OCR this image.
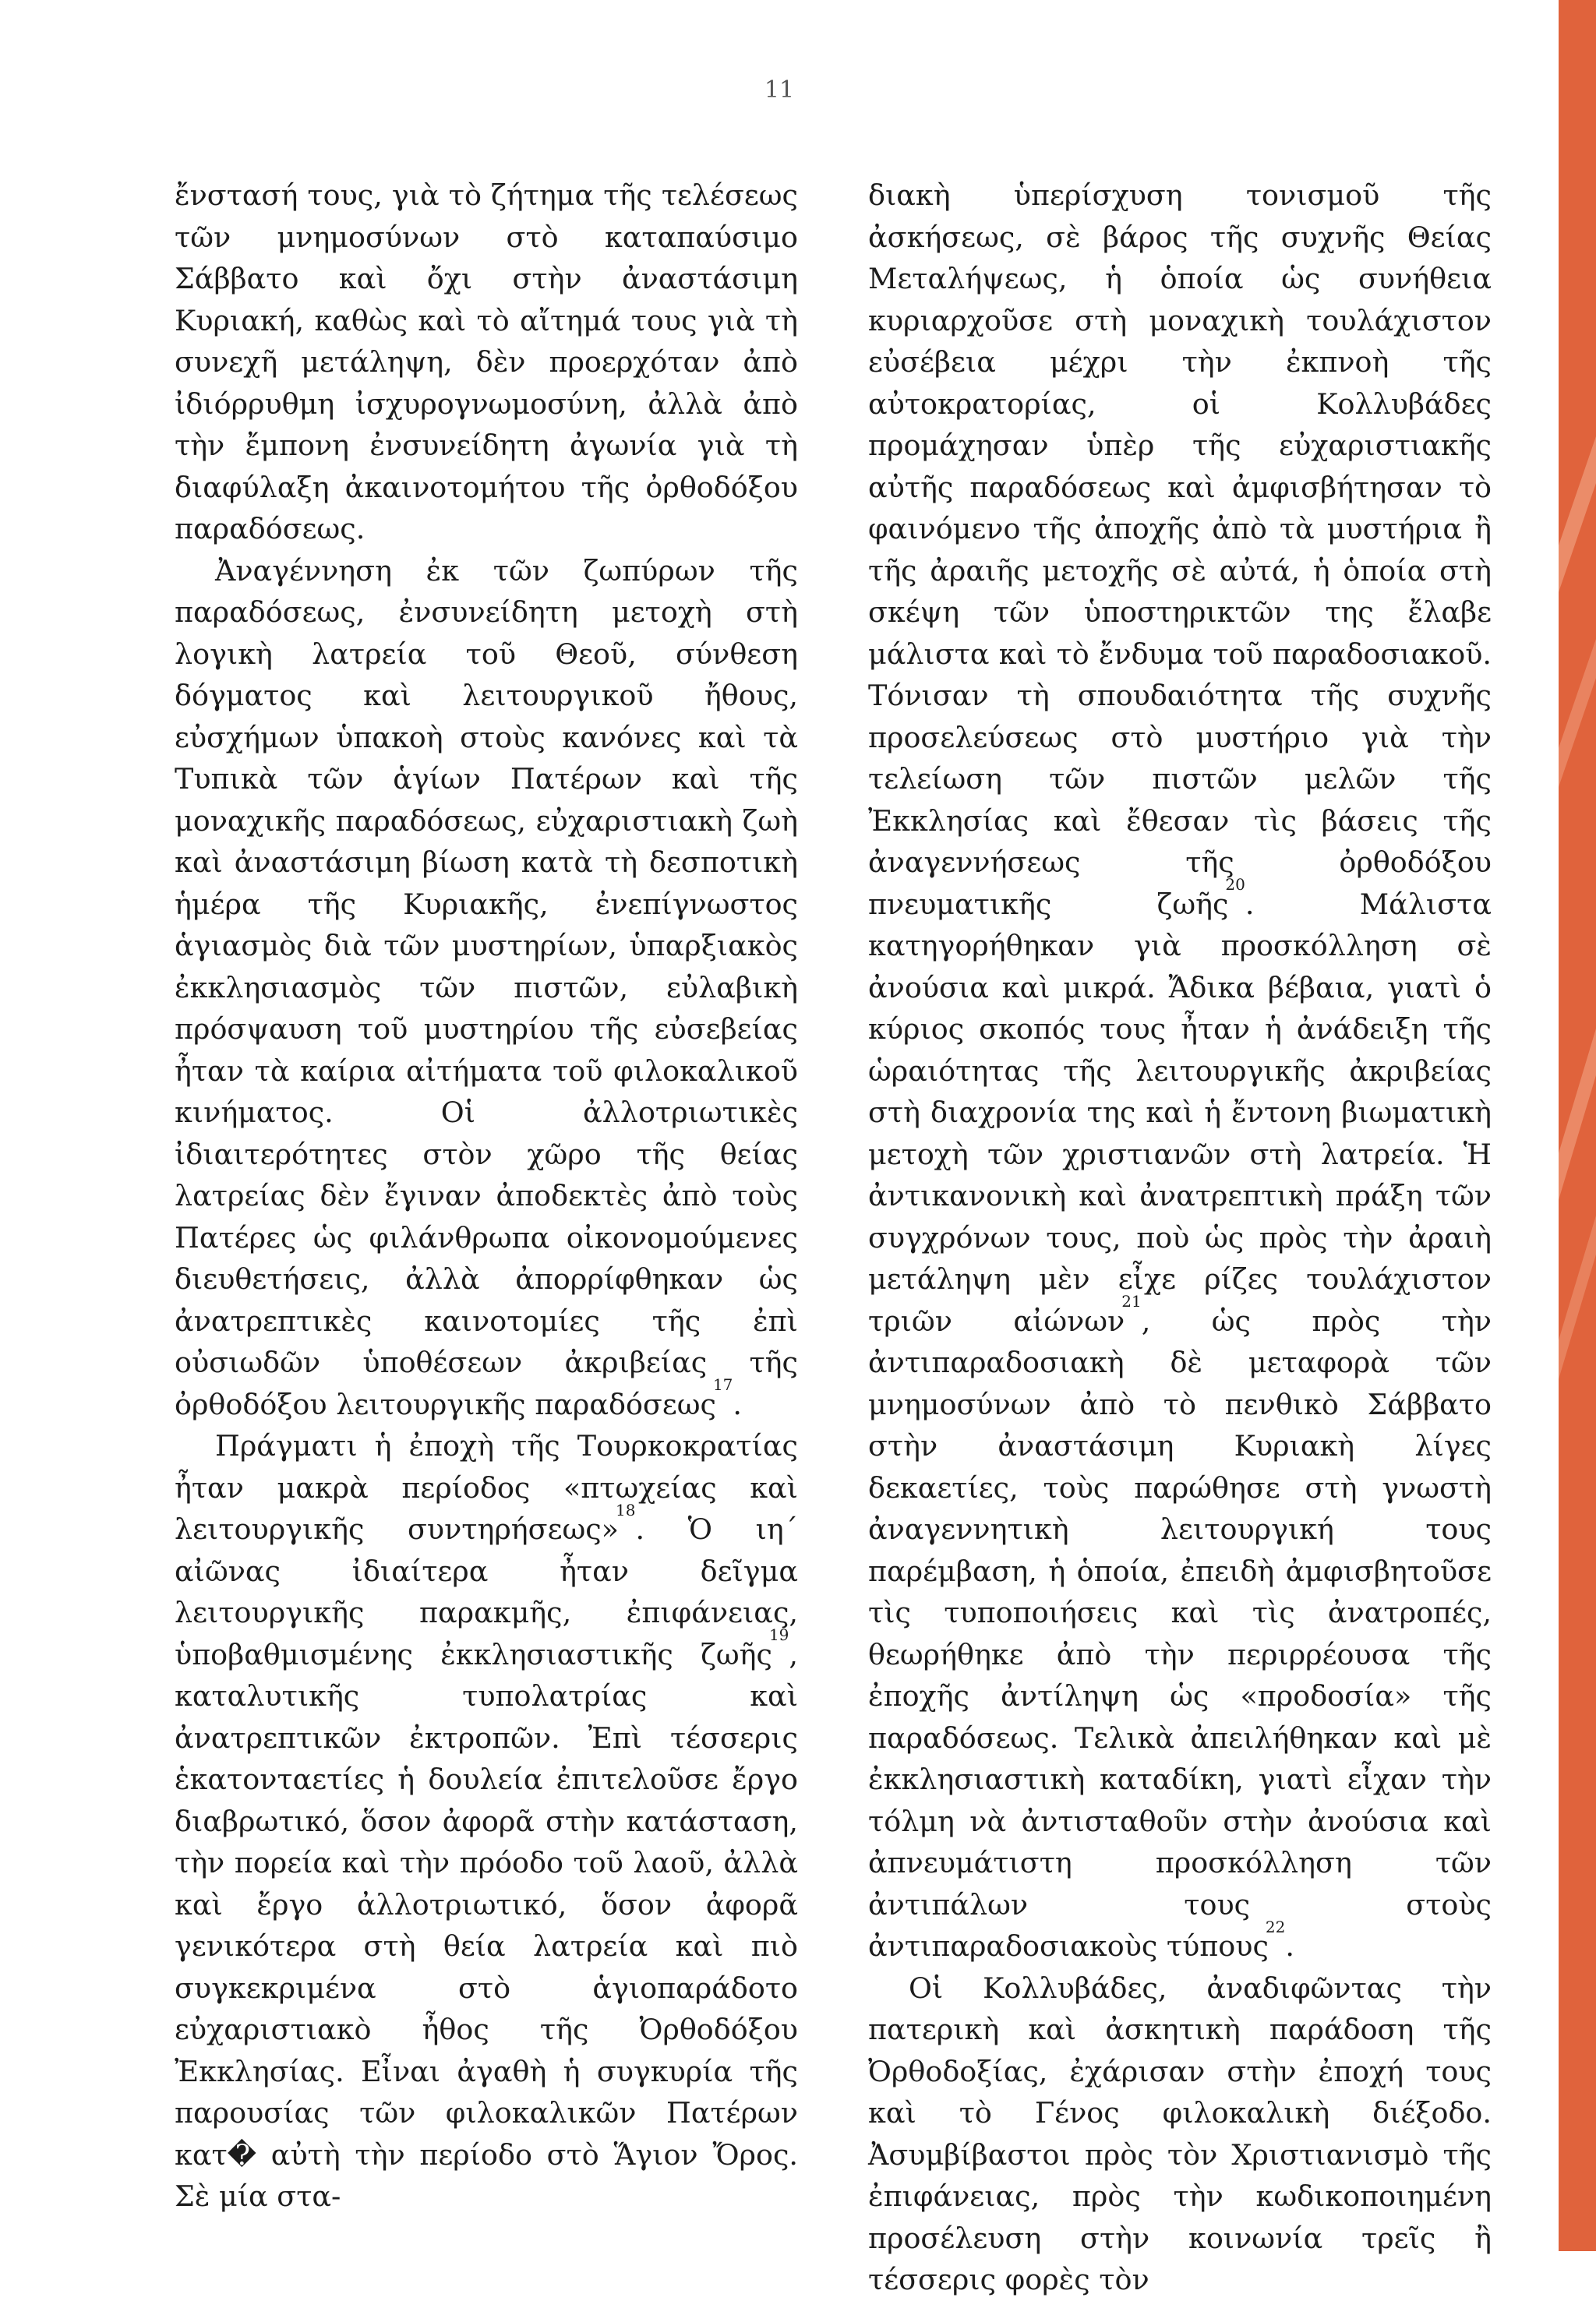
11

ἔνστασή τους, γιὰ τὸ ζήτημα τῆς τελέσεως τῶν μνημοσύνων στὸ καταπαύσιμο Σάββατο καὶ ὄχι στὴν ἀναστάσιμη Κυριακή, καθὼς καὶ τὸ αἴτημά τους γιὰ τὴ συνεχῆ μετάληψη, δὲν προερχόταν ἀπὸ ἰδιόρρυθμη ἰσχυρογνωμοσύνη, ἀλλὰ ἀπὸ τὴν ἔμπονη ἐνσυνείδητη ἀγωνία γιὰ τὴ διαφύλαξη ἀκαινοτομήτου τῆς ὀρθοδόξου παραδόσεως.

Ἀναγέννηση ἐκ τῶν ζωπύρων τῆς παραδόσεως, ἐνσυνείδητη μετοχὴ στὴ λογικὴ λατρεία τοῦ Θεοῦ, σύνθεση δόγματος καὶ λειτουργικοῦ ἤθους, εὐσχήμων ὑπακοὴ στοὺς κανόνες καὶ τὰ Τυπικὰ τῶν ἁγίων Πατέρων καὶ τῆς μοναχικῆς παραδόσεως, εὐχαριστιακὴ ζωὴ καὶ ἀναστάσιμη βίωση κατὰ τὴ δεσποτικὴ ἡμέρα τῆς Κυριακῆς, ἐνεπίγνωστος ἁγιασμὸς διὰ τῶν μυστηρίων, ὑπαρξιακὸς ἐκκλησιασμὸς τῶν πιστῶν, εὐλαβικὴ πρόσψαυση τοῦ μυστηρίου τῆς εὐσεβείας ἦταν τὰ καίρια αἰτήματα τοῦ φιλοκαλικοῦ κινήματος. Οἱ ἀλλοτριωτικὲς ἰδιαιτερότητες στὸν χῶρο τῆς θείας λατρείας δὲν ἔγιναν ἀποδεκτὲς ἀπὸ τοὺς Πατέρες ὡς φιλάνθρωπα οἰκονομούμενες διευθετήσεις, ἀλλὰ ἀπορρίφθηκαν ὡς ἀνατρεπτικὲς καινοτομίες τῆς ἐπὶ οὐσιωδῶν ὑποθέσεων ἀκριβείας τῆς ὀρθοδόξου λειτουργικῆς παραδόσεως$^{17}$.

Πράγματι ἡ ἐποχὴ τῆς Τουρκοκρατίας ἦταν μακρὰ περίοδος «πτωχείας καὶ λειτουργικῆς συντηρήσεως»$^{18}$. Ὁ ιη´ αἰῶνας ἰδιαίτερα ἦταν δεῖγμα λειτουργικῆς παρακμῆς, ἐπιφάνειας, ὑποβαθμισμένης ἐκκλησιαστικῆς ζωῆς$^{19}$, καταλυτικῆς τυπολατρίας καὶ ἀνατρεπτικῶν ἐκτροπῶν. Ἐπὶ τέσσερις ἑκατονταετίες ἡ δουλεία ἐπιτελοῦσε ἔργο διαβρωτικό, ὅσον ἀφορᾶ στὴν κατάσταση, τὴν πορεία καὶ τὴν πρόοδο τοῦ λαοῦ, ἀλλὰ καὶ ἔργο ἀλλοτριωτικό, ὅσον ἀφορᾶ γενικότερα στὴ θεία λατρεία καὶ πιὸ συγκεκριμένα στὸ ἁγιοπαράδοτο εὐχαριστιακὸ ἦθος τῆς Ὀρθοδόξου Ἐκκλησίας. Εἶναι ἀγαθὴ ἡ συγκυρία τῆς παρουσίας τῶν φιλοκαλικῶν Πατέρων κατ� αὐτὴ τὴν περίοδο στὸ Ἅγιον Ὄρος. Σὲ μία στα-

διακὴ ὑπερίσχυση τονισμοῦ τῆς ἀσκήσεως, σὲ βάρος τῆς συχνῆς Θείας Μεταλήψεως, ἡ ὁποία ὡς συνήθεια κυριαρχοῦσε στὴ μοναχικὴ τουλάχιστον εὐσέβεια μέχρι τὴν ἐκπνοὴ τῆς αὐτοκρατορίας, οἱ Κολλυβάδες προμάχησαν ὑπὲρ τῆς εὐχαριστιακῆς αὐτῆς παραδόσεως καὶ ἀμφισβήτησαν τὸ φαινόμενο τῆς ἀποχῆς ἀπὸ τὰ μυστήρια ἢ τῆς ἀραιῆς μετοχῆς σὲ αὐτά, ἡ ὁποία στὴ σκέψη τῶν ὑποστηρικτῶν της ἔλαβε μάλιστα καὶ τὸ ἔνδυμα τοῦ παραδοσιακοῦ. Τόνισαν τὴ σπουδαιότητα τῆς συχνῆς προσελεύσεως στὸ μυστήριο γιὰ τὴν τελείωση τῶν πιστῶν μελῶν τῆς Ἐκκλησίας καὶ ἔθεσαν τὶς βάσεις τῆς ἀναγεννήσεως τῆς ὀρθοδόξου πνευματικῆς ζωῆς$^{20}$. Μάλιστα κατηγορήθηκαν γιὰ προσκόλληση σὲ ἀνούσια καὶ μικρά. Ἄδικα βέβαια, γιατὶ ὁ κύριος σκοπός τους ἦταν ἡ ἀνάδειξη τῆς ὡραιότητας τῆς λειτουργικῆς ἀκριβείας στὴ διαχρονία της καὶ ἡ ἔντονη βιωματικὴ μετοχὴ τῶν χριστιανῶν στὴ λατρεία. Ἡ ἀντικανονικὴ καὶ ἀνατρεπτικὴ πράξη τῶν συγχρόνων τους, ποὺ ὡς πρὸς τὴν ἀραιὴ μετάληψη μὲν εἶχε ρίζες τουλάχιστον τριῶν αἰώνων$^{21}$, ὡς πρὸς τὴν ἀντιπαραδοσιακὴ δὲ μεταφορὰ τῶν μνημοσύνων ἀπὸ τὸ πενθικὸ Σάββατο στὴν ἀναστάσιμη Κυριακὴ λίγες δεκαετίες, τοὺς παρώθησε στὴ γνωστὴ ἀναγεννητικὴ λειτουργική τους παρέμβαση, ἡ ὁποία, ἐπειδὴ ἀμφισβητοῦσε τὶς τυποποιήσεις καὶ τὶς ἀνατροπές, θεωρήθηκε ἀπὸ τὴν περιρρέουσα τῆς ἐποχῆς ἀντίληψη ὡς «προδοσία» τῆς παραδόσεως. Τελικὰ ἀπειλήθηκαν καὶ μὲ ἐκκλησιαστικὴ καταδίκη, γιατὶ εἶχαν τὴν τόλμη νὰ ἀντισταθοῦν στὴν ἀνούσια καὶ ἀπνευμάτιστη προσκόλληση τῶν ἀντιπάλων τους στοὺς ἀντιπαραδοσιακοὺς τύπους$^{22}$.

Οἱ Κολλυβάδες, ἀναδιφῶντας τὴν πατερικὴ καὶ ἀσκητικὴ παράδοση τῆς Ὀρθοδοξίας, ἐχάρισαν στὴν ἐποχή τους καὶ τὸ Γένος φιλοκαλικὴ διέξοδο. Ἀσυμβίβαστοι πρὸς τὸν Χριστιανισμὸ τῆς ἐπιφάνειας, πρὸς τὴν κωδικοποιημένη προσέλευση στὴν κοινωνία τρεῖς ἢ τέσσερις φορὲς τὸν
